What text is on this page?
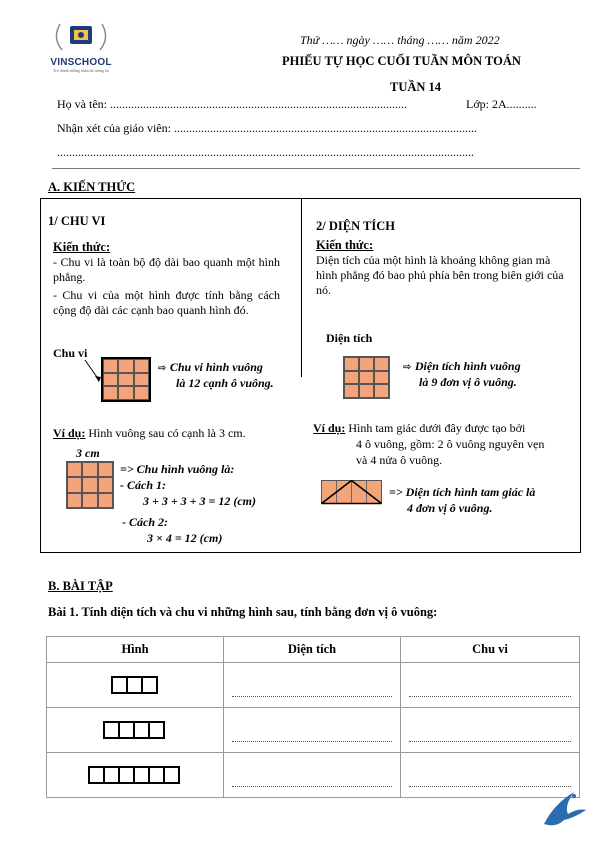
VINSCHOOL
Trở thành những nhân tài tương lai
Thứ …… ngày …… tháng …… năm 2022
PHIẾU TỰ HỌC CUỐI TUẦN MÔN TOÁN
TUẦN 14
Họ và tên: ...................................................................................................	Lớp: 2A..........
Nhận xét của giáo viên: .....................................................................................................
...........................................................................................................................................
A. KIẾN THỨC
1/ CHU VI
Kiến thức:
- Chu vi là toàn bộ độ dài bao quanh một hình phẳng.
- Chu vi của một hình được tính bằng cách cộng độ dài các cạnh bao quanh hình đó.
Chu vi
⇨ Chu vi hình vuông
là 12 cạnh ô vuông.
Ví dụ: Hình vuông sau có cạnh là 3 cm.
3 cm
=> Chu hình vuông là:
- Cách 1:
3 + 3 + 3 + 3 = 12 (cm)
- Cách 2:
3 × 4 = 12 (cm)
2/ DIỆN TÍCH
Kiến thức:
Diện tích của một hình là khoảng không gian mà hình phẳng đó bao phủ phía bên trong biên giới của nó.
Diện tích
⇨ Diện tích hình vuông
là 9 đơn vị ô vuông.
Ví dụ: Hình tam giác dưới đây được tạo bởi
4 ô vuông, gồm: 2 ô vuông nguyên vẹn
và 4 nửa ô vuông.
=> Diện tích hình tam giác là
4 đơn vị ô vuông.
B. BÀI TẬP
Bài 1. Tính diện tích và chu vi những hình sau, tính bằng đơn vị ô vuông:
Hình	Diện tích	Chu vi
